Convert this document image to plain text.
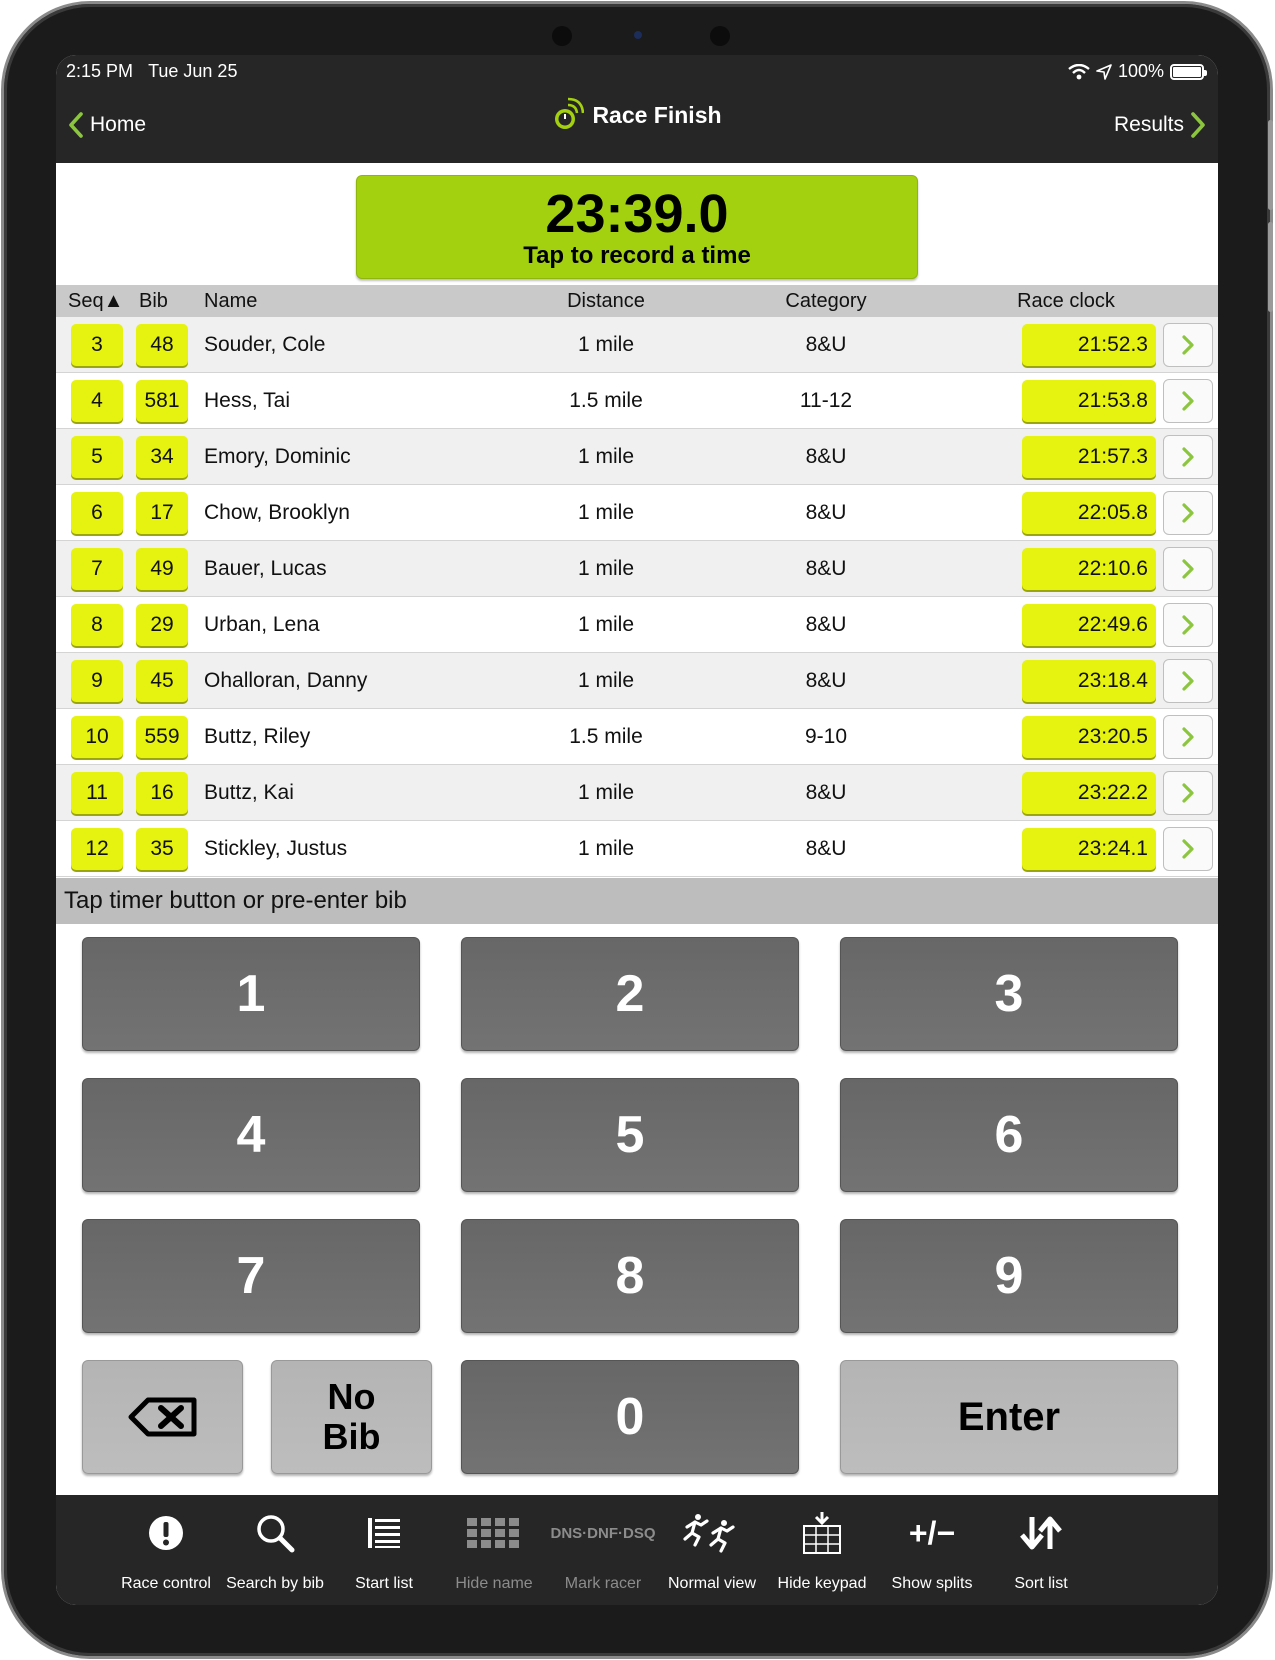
2:15 PM Tue Jun 25	100%
Home	Race Finish	Results
23:39.0
Tap to record a time
Seq▲ Bib Name	Distance	Category	Race clock
3 48 Souder, Cole	1 mile	8&U	21:52.3
4 581 Hess, Tai	1.5 mile	11-12	21:53.8
5 34 Emory, Dominic	1 mile	8&U	21:57.3
6 17 Chow, Brooklyn	1 mile	8&U	22:05.8
7 49 Bauer, Lucas	1 mile	8&U	22:10.6
8 29 Urban, Lena	1 mile	8&U	22:49.6
9 45 Ohalloran, Danny	1 mile	8&U	23:18.4
10 559 Buttz, Riley	1.5 mile	9-10	23:20.5
11 16 Buttz, Kai	1 mile	8&U	23:22.2
12 35 Stickley, Justus	1 mile	8&U	23:24.1
Tap timer button or pre-enter bib
1	2	3
4	5	6
7	8	9
No
Bib	0	Enter
Race control Search by bib	Start list	Hide name
DNS·DNF·DSQ
Mark racer	Normal view	Hide keypad
+/−
Show splits	Sort list
